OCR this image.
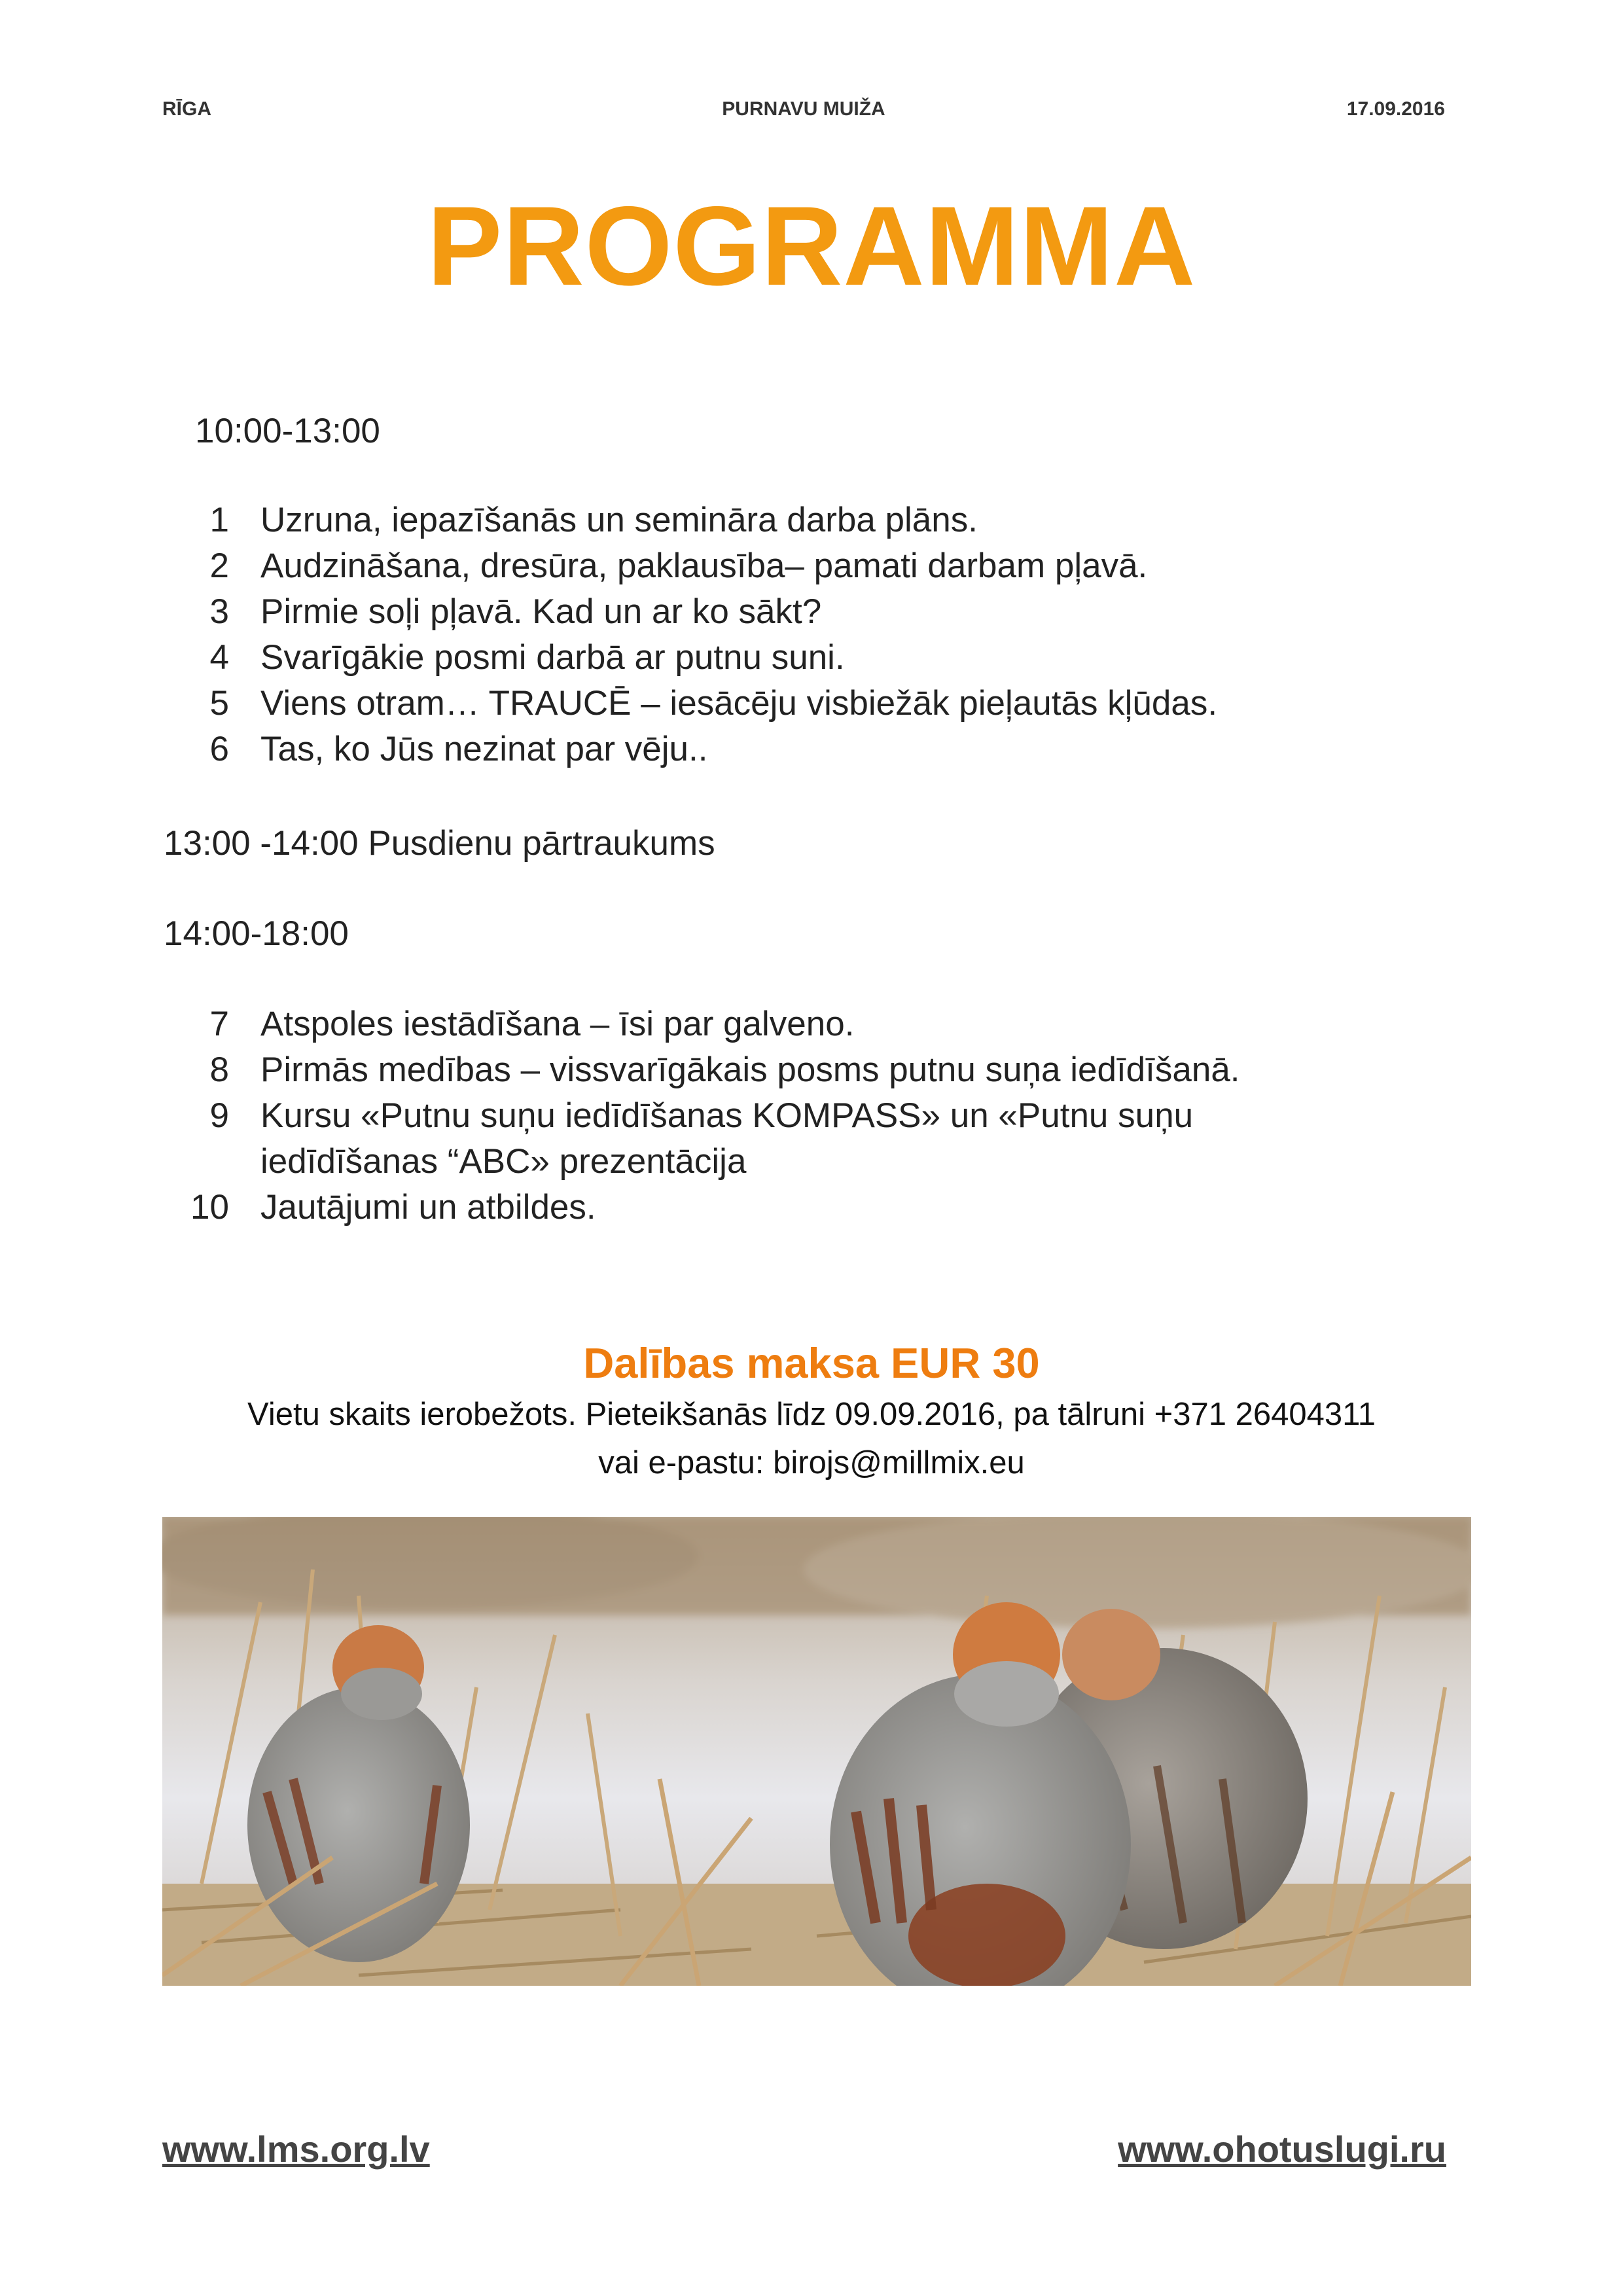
RĪGA	PURNAVU MUIŽA	17.09.2016
PROGRAMMA
10:00-13:00
1 Uzruna, iepazīšanās un semināra darba plāns.
2 Audzināšana, dresūra, paklausība– pamati darbam pļavā.
3 Pirmie soļi pļavā. Kad un ar ko sākt?
4 Svarīgākie posmi darbā ar putnu suni.
5 Viens otram… TRAUCĒ – iesācēju visbiežāk pieļautās kļūdas.
6 Tas, ko Jūs nezinat par vēju..
13:00 -14:00 Pusdienu pārtraukums
14:00-18:00
7 Atspoles iestādīšana – īsi par galveno.
8 Pirmās medības – vissvarīgākais posms putnu suņa iedīdīšanā.
9 Kursu «Putnu suņu iedīdīšanas KOMPASS» un «Putnu suņu
iedīdīšanas “ABC» prezentācija
10 Jautājumi un atbildes.
Dalības maksa EUR 30
Vietu skaits ierobežots. Pieteikšanās līdz 09.09.2016, pa tālruni +371 26404311
vai e-pastu: birojs@millmix.eu
www.lms.org.lv	www.ohotuslugi.ru
